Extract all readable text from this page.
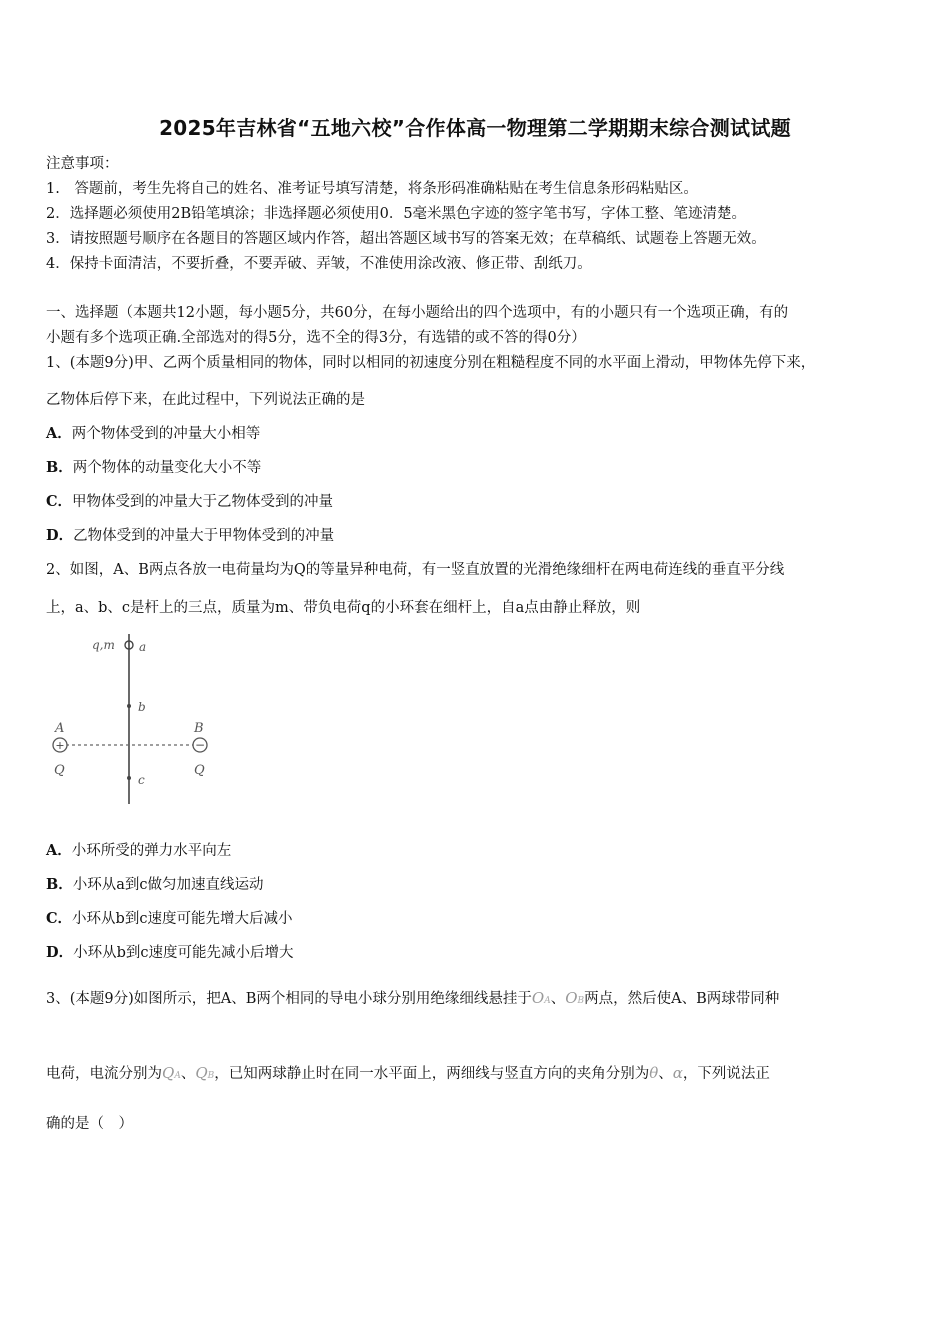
2025年吉林省“五地六校”合作体高一物理第二学期期末综合测试试题
注意事项：
1.　答题前，考生先将自己的姓名、准考证号填写清楚，将条形码准确粘贴在考生信息条形码粘贴区。
2．选择题必须使用2B铅笔填涂；非选择题必须使用0．5毫米黑色字迹的签字笔书写，字体工整、笔迹清楚。
3．请按照题号顺序在各题目的答题区域内作答，超出答题区域书写的答案无效；在草稿纸、试题卷上答题无效。
4．保持卡面清洁，不要折叠，不要弄破、弄皱，不准使用涂改液、修正带、刮纸刀。
一、选择题（本题共12小题，每小题5分，共60分，在每小题给出的四个选项中，有的小题只有一个选项正确，有的
小题有多个选项正确.全部选对的得5分，选不全的得3分，有选错的或不答的得0分）
1、(本题9分)甲、乙两个质量相同的物体，同时以相同的初速度分别在粗糙程度不同的水平面上滑动，甲物体先停下来，
乙物体后停下来，在此过程中，下列说法正确的是
A．两个物体受到的冲量大小相等
B．两个物体的动量变化大小不等
C．甲物体受到的冲量大于乙物体受到的冲量
D．乙物体受到的冲量大于甲物体受到的冲量
2、如图，A、B两点各放一电荷量均为Q的等量异种电荷，有一竖直放置的光滑绝缘细杆在两电荷连线的垂直平分线
上，a、b、c是杆上的三点，质量为m、带负电荷q的小环套在细杆上，自a点由静止释放，则
q,m a
b
+
A
Q
−
B
Q
c
A．小环所受的弹力水平向左
B．小环从a到c做匀加速直线运动
C．小环从b到c速度可能先增大后减小
D．小环从b到c速度可能先减小后增大
3、(本题9分)如图所示，把A、B两个相同的导电小球分别用绝缘细线悬挂于OA、OB两点，然后使A、B两球带同种
电荷，电流分别为QA、QB，已知两球静止时在同一水平面上，两细线与竖直方向的夹角分别为θ、α，下列说法正
确的是（　）
